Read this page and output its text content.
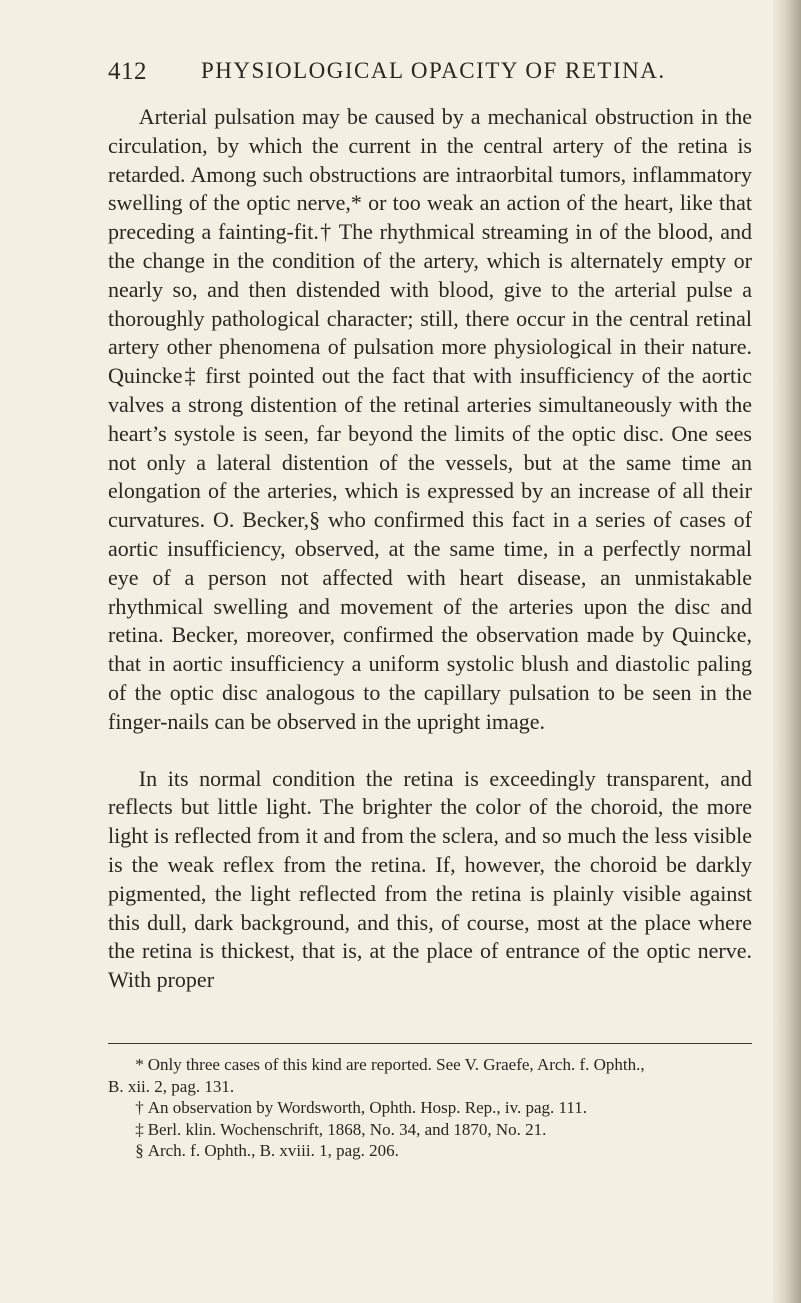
412 PHYSIOLOGICAL OPACITY OF RETINA.

Arterial pulsation may be caused by a mechanical obstruction in the circulation, by which the current in the central artery of the retina is retarded. Among such obstructions are intraorbital tumors, inflammatory swelling of the optic nerve,* or too weak an action of the heart, like that preceding a fainting-fit.† The rhythmical streaming in of the blood, and the change in the condition of the artery, which is alternately empty or nearly so, and then distended with blood, give to the arterial pulse a thoroughly pathological character; still, there occur in the central retinal artery other phenomena of pulsation more physiological in their nature. Quincke‡ first pointed out the fact that with insufficiency of the aortic valves a strong distention of the retinal arteries simultaneously with the heart’s systole is seen, far beyond the limits of the optic disc. One sees not only a lateral distention of the vessels, but at the same time an elongation of the arteries, which is expressed by an increase of all their curvatures. O. Becker,§ who confirmed this fact in a series of cases of aortic insufficiency, observed, at the same time, in a perfectly normal eye of a person not affected with heart disease, an unmistakable rhythmical swelling and movement of the arteries upon the disc and retina. Becker, moreover, confirmed the observation made by Quincke, that in aortic insufficiency a uniform systolic blush and diastolic paling of the optic disc analogous to the capillary pulsation to be seen in the finger-nails can be observed in the upright image.

In its normal condition the retina is exceedingly transparent, and reflects but little light. The brighter the color of the choroid, the more light is reflected from it and from the sclera, and so much the less visible is the weak reflex from the retina. If, however, the choroid be darkly pigmented, the light reflected from the retina is plainly visible against this dull, dark background, and this, of course, most at the place where the retina is thickest, that is, at the place of entrance of the optic nerve. With proper

* Only three cases of this kind are reported. See V. Graefe, Arch. f. Ophth.,
B. xii. 2, pag. 131.

† An observation by Wordsworth, Ophth. Hosp. Rep., iv. pag. 111.

‡ Berl. klin. Wochenschrift, 1868, No. 34, and 1870, No. 21.

§ Arch. f. Ophth., B. xviii. 1, pag. 206.
